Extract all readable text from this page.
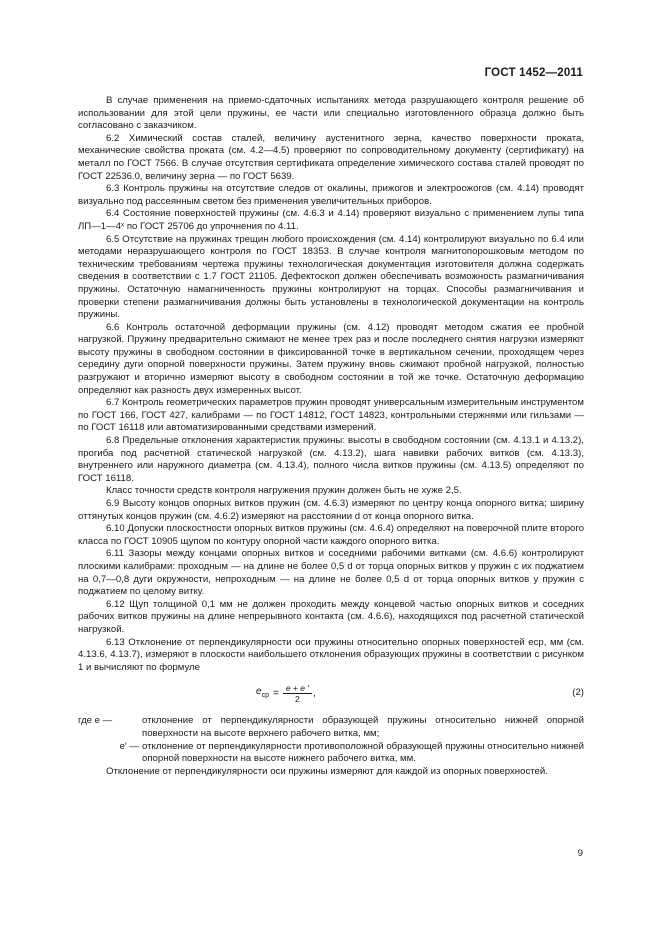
ГОСТ 1452—2011

В случае применения на приемо-сдаточных испытаниях метода разрушающего контроля решение об использовании для этой цели пружины, ее части или специально изготовленного образца должно быть согласовано с заказчиком.

6.2 Химический состав сталей, величину аустенитного зерна, качество поверхности проката, механические свойства проката (см. 4.2—4.5) проверяют по сопроводительному документу (сертификату) на металл по ГОСТ 7566. В случае отсутствия сертификата определение химического состава сталей проводят по ГОСТ 22536.0, величину зерна — по ГОСТ 5639.

6.3 Контроль пружины на отсутствие следов от окалины, прижогов и электроожогов (см. 4.14) проводят визуально под рассеянным светом без применения увеличительных приборов.

6.4 Состояние поверхностей пружины (см. 4.6.3 и 4.14) проверяют визуально с применением лупы типа ЛП—1—4ˣ по ГОСТ 25706 до упрочнения по 4.11.

6.5 Отсутствие на пружинах трещин любого происхождения (см. 4.14) контролируют визуально по 6.4 или методами неразрушающего контроля по ГОСТ 18353. В случае контроля магнитопорошковым методом по техническим требованиям чертежа пружины технологическая документация изготовителя должна содержать сведения в соответствии с 1.7 ГОСТ 21105. Дефектоскоп должен обеспечивать возможность размагничивания пружины. Остаточную намагниченность пружины контролируют на торцах. Способы размагничивания и проверки степени размагничивания должны быть установлены в технологической документации на контроль пружины.

6.6 Контроль остаточной деформации пружины (см. 4.12) проводят методом сжатия ее пробной нагрузкой. Пружину предварительно сжимают не менее трех раз и после последнего снятия нагрузки измеряют высоту пружины в свободном состоянии в фиксированной точке в вертикальном сечении, проходящем через середину дуги опорной поверхности пружины. Затем пружину вновь сжимают пробной нагрузкой, полностью разгружают и вторично измеряют высоту в свободном состоянии в той же точке. Остаточную деформацию определяют как разность двух измеренных высот.

6.7 Контроль геометрических параметров пружин проводят универсальным измерительным инструментом по ГОСТ 166, ГОСТ 427, калибрами — по ГОСТ 14812, ГОСТ 14823, контрольными стержнями или гильзами — по ГОСТ 16118 или автоматизированными средствами измерений.

6.8 Предельные отклонения характеристик пружины: высоты в свободном состоянии (см. 4.13.1 и 4.13.2), прогиба под расчетной статической нагрузкой (см. 4.13.2), шага навивки рабочих витков (см. 4.13.3), внутреннего или наружного диаметра (см. 4.13.4), полного числа витков пружины (см. 4.13.5) определяют по ГОСТ 16118.

Класс точности средств контроля нагружения пружин должен быть не хуже 2,5.

6.9 Высоту концов опорных витков пружин (см. 4.6.3) измеряют по центру конца опорного витка; ширину оттянутых концов пружин (см. 4.6.2) измеряют на расстоянии d от конца опорного витка.

6.10 Допуски плоскостности опорных витков пружины (см. 4.6.4) определяют на поверочной плите второго класса по ГОСТ 10905 щупом по контуру опорной части каждого опорного витка.

6.11 Зазоры между концами опорных витков и соседними рабочими витками (см. 4.6.6) контролируют плоскими калибрами: проходным — на длине не более 0,5 d от торца опорных витков у пружин с их поджатием на 0,7—0,8 дуги окружности, непроходным — на длине не более 0,5 d от торца опорных витков у пружин с поджатием по целому витку.

6.12 Щуп толщиной 0,1 мм не должен проходить между концевой частью опорных витков и соседних рабочих витков пружины на длине непрерывного контакта (см. 4.6.6), находящихся под расчетной статической нагрузкой.

6.13 Отклонение от перпендикулярности оси пружины относительно опорных поверхностей eср, мм (см. 4.13.6, 4.13.7), измеряют в плоскости наибольшего отклонения образующих пружины в соответствии с рисунком 1 и вычисляют по формуле

$e_{ср} = \frac{e + e '}{2}$ ,	(2)
где e —	отклонение от перпендикулярности образующей пружины относительно нижней опорной поверхности на высоте верхнего рабочего витка, мм;
e' — отклонение от перпендикулярности противоположной образующей пружины относительно нижней опорной поверхности на высоте нижнего рабочего витка, мм.

Отклонение от перпендикулярности оси пружины измеряют для каждой из опорных поверхностей.

9
